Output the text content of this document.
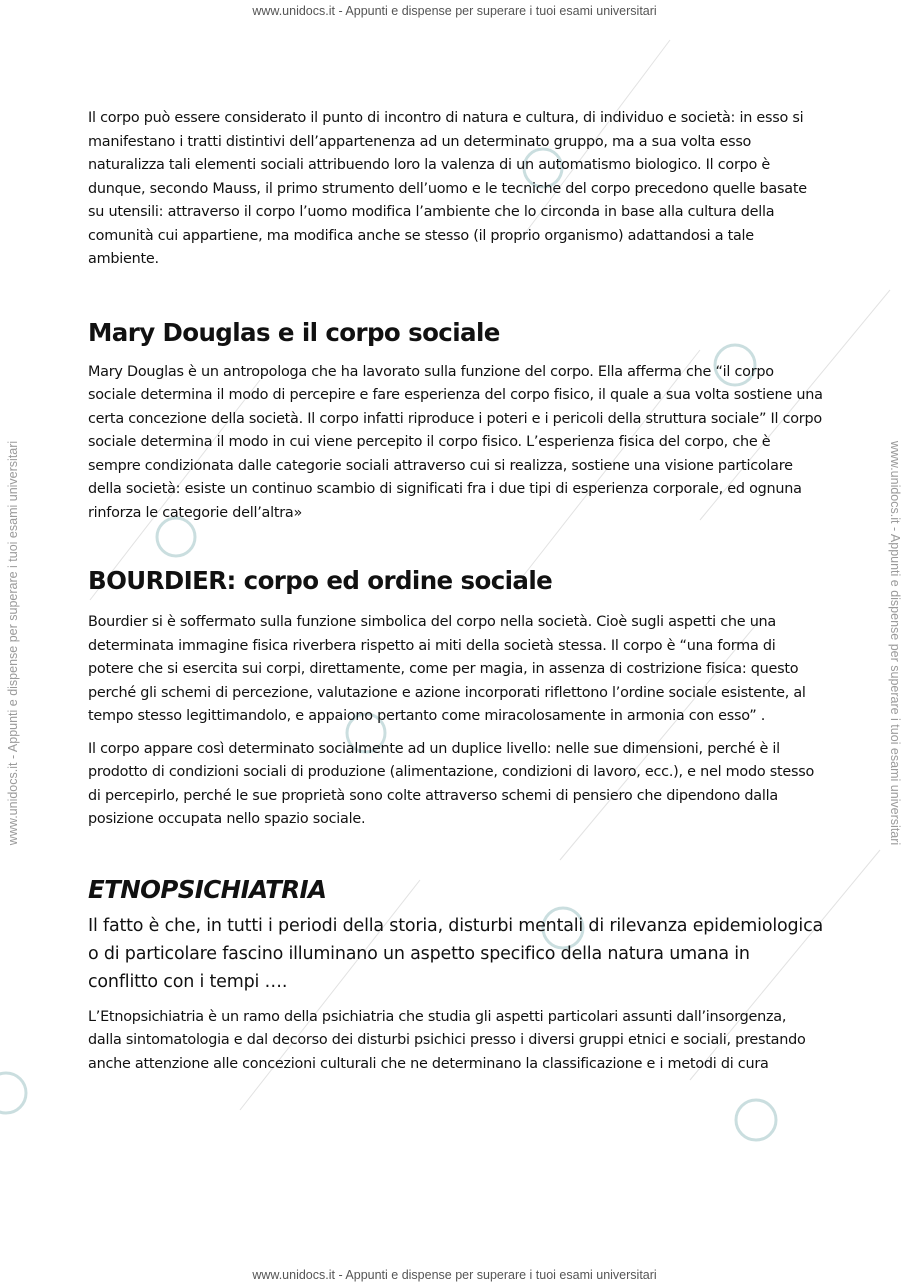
www.unidocs.it - Appunti e dispense per superare i tuoi esami universitari
www.unidocs.it - Appunti e dispense per superare i tuoi esami universitari	www.unidocs.it - Appunti e dispense per superare i tuoi esami universitari

Il corpo può essere considerato il punto di incontro di natura e cultura, di individuo e società: in esso si manifestano i tratti distintivi dell’appartenenza ad un determinato gruppo, ma a sua volta esso naturalizza tali elementi sociali attribuendo loro la valenza di un automatismo biologico. Il corpo è dunque, secondo Mauss, il primo strumento dell’uomo e le tecniche del corpo precedono quelle basate su utensili: attraverso il corpo l’uomo modifica l’ambiente che lo circonda in base alla cultura della comunità cui appartiene, ma modifica anche se stesso (il proprio organismo) adattandosi a tale ambiente.

Mary Douglas e il corpo sociale

Mary Douglas è un antropologa che ha lavorato sulla funzione del corpo. Ella afferma che “il corpo sociale determina il modo di percepire e fare esperienza del corpo fisico, il quale a sua volta sostiene una certa concezione della società. Il corpo infatti riproduce i poteri e i pericoli della struttura sociale” Il corpo sociale determina il modo in cui viene percepito il corpo fisico. L’esperienza fisica del corpo, che è sempre condizionata dalle categorie sociali attraverso cui si realizza, sostiene una visione particolare della società: esiste un continuo scambio di significati fra i due tipi di esperienza corporale, ed ognuna rinforza le categorie dell’altra»

BOURDIER: corpo ed ordine sociale

Bourdier si è soffermato sulla funzione simbolica del corpo nella società. Cioè sugli aspetti che una determinata immagine fisica riverbera rispetto ai miti della società stessa. Il corpo è “una forma di potere che si esercita sui corpi, direttamente, come per magia, in assenza di costrizione fisica: questo perché gli schemi di percezione, valutazione e azione incorporati riflettono l’ordine sociale esistente, al tempo stesso legittimandolo, e appaiono pertanto come miracolosamente in armonia con esso” .

Il corpo appare così determinato socialmente ad un duplice livello: nelle sue dimensioni, perché è il prodotto di condizioni sociali di produzione (alimentazione, condizioni di lavoro, ecc.), e nel modo stesso di percepirlo, perché le sue proprietà sono colte attraverso schemi di pensiero che dipendono dalla posizione occupata nello spazio sociale.

ETNOPSICHIATRIA

Il fatto è che, in tutti i periodi della storia, disturbi mentali di rilevanza epidemiologica o di particolare fascino illuminano un aspetto specifico della natura umana in conflitto con i tempi ….

L’Etnopsichiatria è un ramo della psichiatria che studia gli aspetti particolari assunti dall’insorgenza, dalla sintomatologia e dal decorso dei disturbi psichici presso i diversi gruppi etnici e sociali, prestando anche attenzione alle concezioni culturali che ne determinano la classificazione e i metodi di cura

www.unidocs.it - Appunti e dispense per superare i tuoi esami universitari
